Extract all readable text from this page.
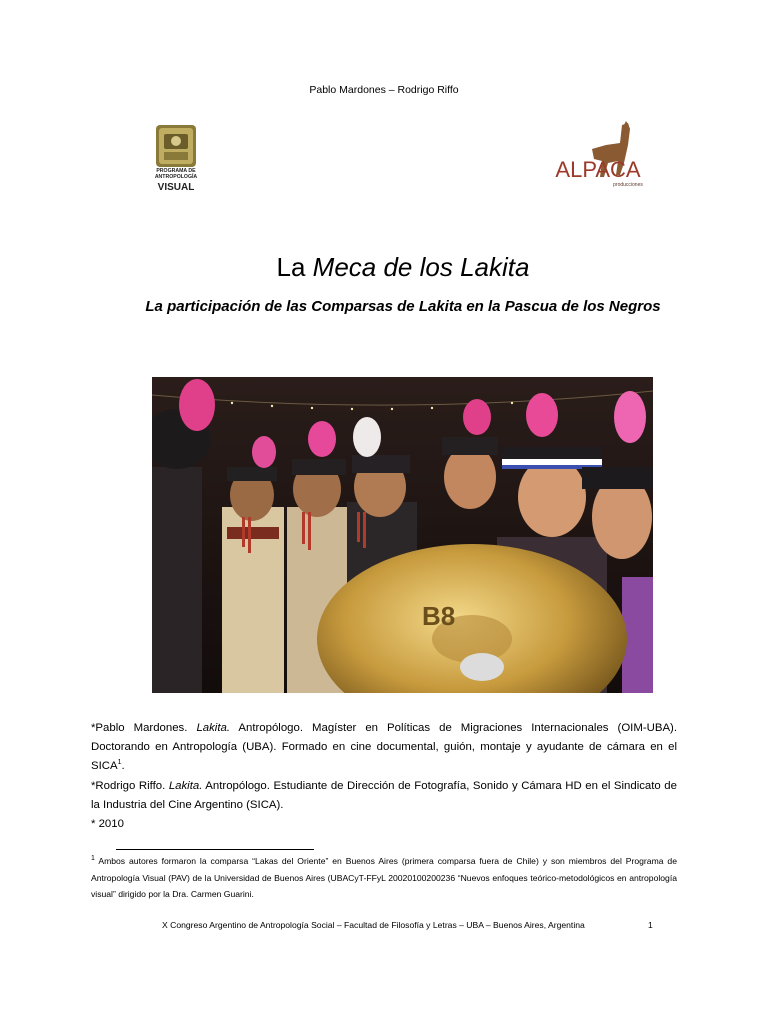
Pablo Mardones – Rodrigo Riffo
PROGRAMA DE
ANTROPOLOGÍA
VISUAL
ALPACA
producciones
La Meca de los Lakita
La participación de las Comparsas de Lakita en la Pascua de los Negros
B8
*Pablo Mardones. Lakita. Antropólogo. Magíster en Políticas de Migraciones Internacionales (OIM-UBA). Doctorando en Antropología (UBA). Formado en cine documental, guión, montaje y ayudante de cámara en el SICA$^1$.
*Rodrigo Riffo. Lakita. Antropólogo. Estudiante de Dirección de Fotografía, Sonido y Cámara HD en el Sindicato de la Industria del Cine Argentino (SICA).
* 2010
$^1$ Ambos autores formaron la comparsa “Lakas del Oriente” en Buenos Aires (primera comparsa fuera de Chile) y son miembros del Programa de Antropología Visual (PAV) de la Universidad de Buenos Aires (UBACyT-FFyL 20020100200236 “Nuevos enfoques teórico-metodológicos en antropología visual” dirigido por la Dra. Carmen Guarini.
X Congreso Argentino de Antropología Social – Facultad de Filosofía y Letras – UBA – Buenos Aires, Argentina	1
